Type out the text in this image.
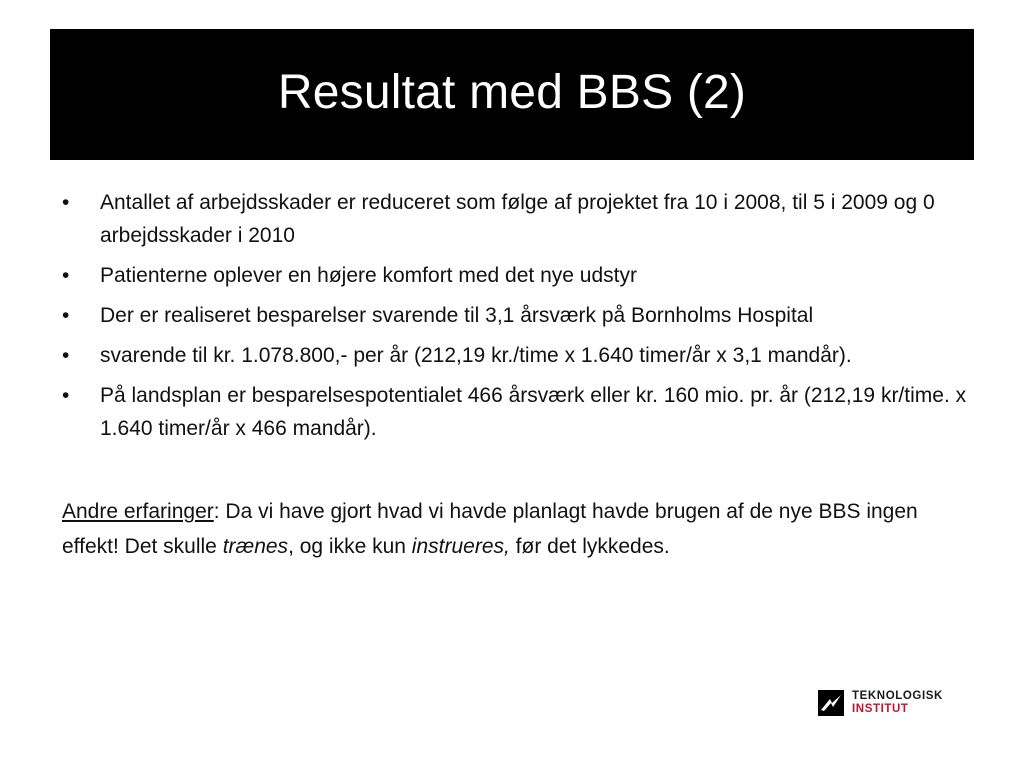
Resultat med BBS (2)
•	Antallet af arbejdsskader er reduceret som følge af projektet fra 10 i 2008, til 5 i 2009 og 0 arbejdsskader i 2010
•	Patienterne oplever en højere komfort med det nye udstyr
•	Der er realiseret besparelser svarende til 3,1 årsværk på Bornholms Hospital
•	svarende til kr. 1.078.800,- per år (212,19 kr./time x 1.640 timer/år x 3,1 mandår).
•	På landsplan er besparelsespotentialet 466 årsværk eller kr. 160 mio. pr. år (212,19 kr/time. x 1.640 timer/år x 466 mandår).

Andre erfaringer: Da vi have gjort hvad vi havde planlagt havde brugen af de nye BBS ingen effekt! Det skulle trænes, og ikke kun instrueres, før det lykkedes.

TEKNOLOGISK
INSTITUT
